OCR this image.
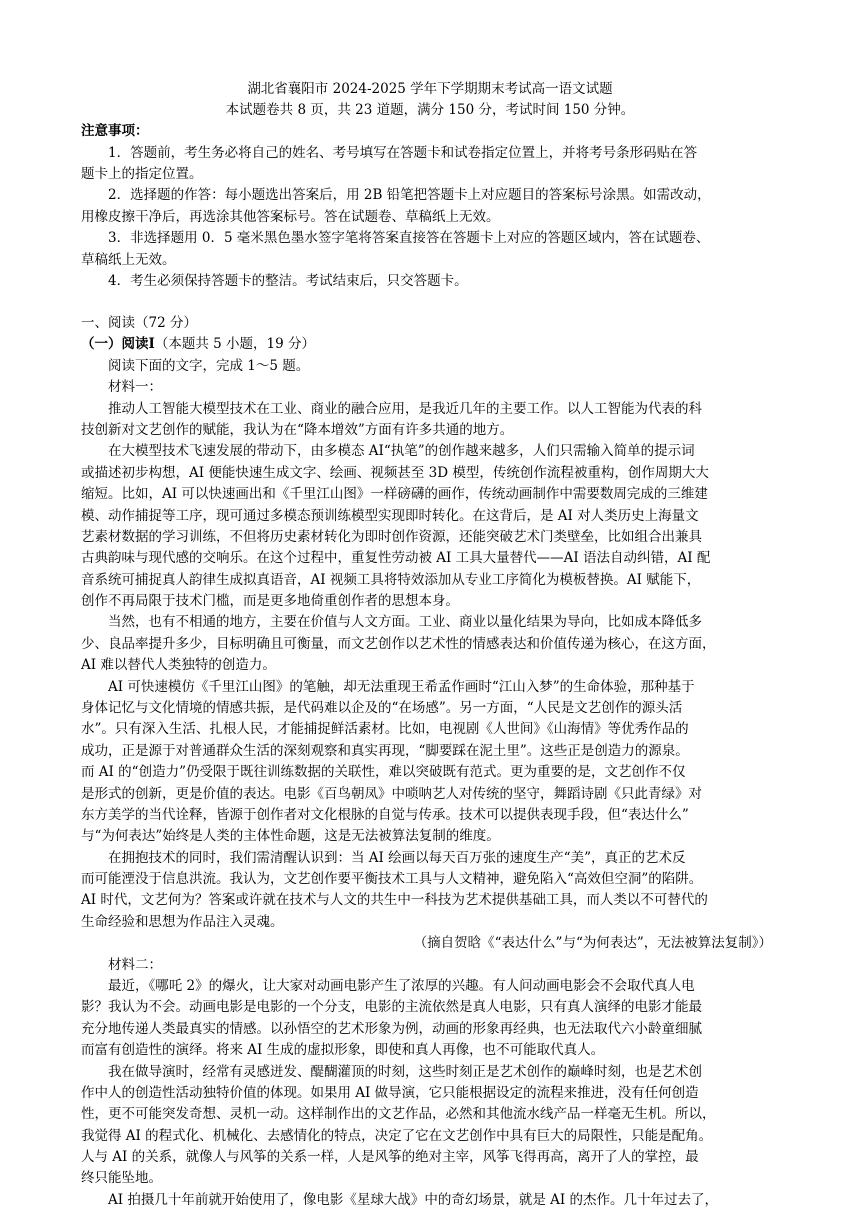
湖北省襄阳市 2024-2025 学年下学期期末考试高一语文试题
本试题卷共 8 页，共 23 道题，满分 150 分，考试时间 150 分钟。
注意事项：
1．答题前，考生务必将自己的姓名、考号填写在答题卡和试卷指定位置上，并将考号条形码贴在答
题卡上的指定位置。
2．选择题的作答：每小题选出答案后，用 2B 铅笔把答题卡上对应题目的答案标号涂黑。如需改动，
用橡皮擦干净后，再选涂其他答案标号。答在试题卷、草稿纸上无效。
3．非选择题用 0．5 毫米黑色墨水签字笔将答案直接答在答题卡上对应的答题区域内，答在试题卷、
草稿纸上无效。
4．考生必须保持答题卡的整洁。考试结束后，只交答题卡。
一、阅读（72 分）
（一）阅读Ⅰ（本题共 5 小题，19 分）
阅读下面的文字，完成 1～5 题。
材料一：
推动人工智能大模型技术在工业、商业的融合应用，是我近几年的主要工作。以人工智能为代表的科
技创新对文艺创作的赋能，我认为在“降本增效”方面有许多共通的地方。
在大模型技术飞速发展的带动下，由多模态 AI“执笔”的创作越来越多，人们只需输入简单的提示词
或描述初步构想，AI 便能快速生成文字、绘画、视频甚至 3D 模型，传统创作流程被重构，创作周期大大
缩短。比如，AI 可以快速画出和《千里江山图》一样磅礴的画作，传统动画制作中需要数周完成的三维建
模、动作捕捉等工序，现可通过多模态预训练模型实现即时转化。在这背后，是 AI 对人类历史上海量文
艺素材数据的学习训练，不但将历史素材转化为即时创作资源，还能突破艺术门类壁垒，比如组合出兼具
古典韵味与现代感的交响乐。在这个过程中，重复性劳动被 AI 工具大量替代——AI 语法自动纠错，AI 配
音系统可捕捉真人韵律生成拟真语音，AI 视频工具将特效添加从专业工序简化为模板替换。AI 赋能下，
创作不再局限于技术门槛，而是更多地倚重创作者的思想本身。
当然，也有不相通的地方，主要在价值与人文方面。工业、商业以量化结果为导向，比如成本降低多
少、良品率提升多少，目标明确且可衡量，而文艺创作以艺术性的情感表达和价值传递为核心，在这方面，
AI 难以替代人类独特的创造力。
AI 可快速模仿《千里江山图》的笔触，却无法重现王希孟作画时“江山入梦”的生命体验，那种基于
身体记忆与文化情境的情感共振，是代码难以企及的“在场感”。另一方面，“人民是文艺创作的源头活
水”。只有深入生活、扎根人民，才能捕捉鲜活素材。比如，电视剧《人世间》《山海情》等优秀作品的
成功，正是源于对普通群众生活的深刻观察和真实再现，“脚要踩在泥土里”。这些正是创造力的源泉。
而 AI 的“创造力”仍受限于既往训练数据的关联性，难以突破既有范式。更为重要的是，文艺创作不仅
是形式的创新，更是价值的表达。电影《百鸟朝凤》中唢呐艺人对传统的坚守，舞蹈诗剧《只此青绿》对
东方美学的当代诠释，皆源于创作者对文化根脉的自觉与传承。技术可以提供表现手段，但“表达什么”
与“为何表达”始终是人类的主体性命题，这是无法被算法复制的维度。
在拥抱技术的同时，我们需清醒认识到：当 AI 绘画以每天百万张的速度生产“美”，真正的艺术反
而可能湮没于信息洪流。我认为，文艺创作要平衡技术工具与人文精神，避免陷入“高效但空洞”的陷阱。
AI 时代，文艺何为？答案或许就在技术与人文的共生中一科技为艺术提供基础工具，而人类以不可替代的
生命经验和思想为作品注入灵魂。
（摘自贺晗《“表达什么”与“为何表达”，无法被算法复制》）
材料二：
最近，《哪吒 2》的爆火，让大家对动画电影产生了浓厚的兴趣。有人问动画电影会不会取代真人电
影？我认为不会。动画电影是电影的一个分支，电影的主流依然是真人电影，只有真人演绎的电影才能最
充分地传递人类最真实的情感。以孙悟空的艺术形象为例，动画的形象再经典，也无法取代六小龄童细腻
而富有创造性的演绎。将来 AI 生成的虚拟形象，即使和真人再像，也不可能取代真人。
我在做导演时，经常有灵感迸发、醍醐灌顶的时刻，这些时刻正是艺术创作的巅峰时刻，也是艺术创
作中人的创造性活动独特价值的体现。如果用 AI 做导演，它只能根据设定的流程来推进，没有任何创造
性，更不可能突发奇想、灵机一动。这样制作出的文艺作品，必然和其他流水线产品一样毫无生机。所以，
我觉得 AI 的程式化、机械化、去感情化的特点，决定了它在文艺创作中具有巨大的局限性，只能是配角。
人与 AI 的关系，就像人与风筝的关系一样，人是风筝的绝对主宰，风筝飞得再高，离开了人的掌控，最
终只能坠地。
AI 拍摄几十年前就开始使用了，像电影《星球大战》中的奇幻场景，就是 AI 的杰作。几十年过去了，
